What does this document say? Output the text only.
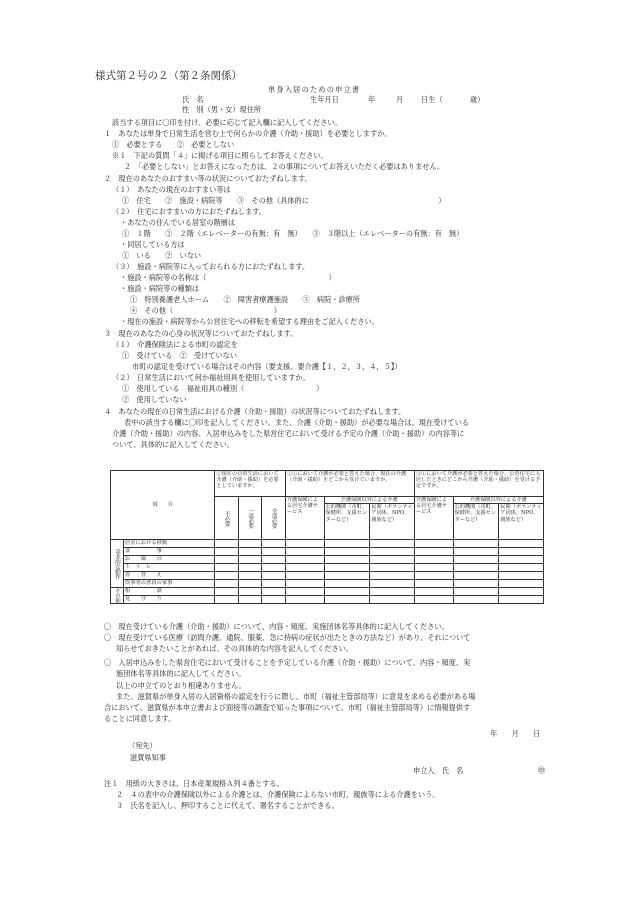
様式第２号の２（第２条関係）
単身入居のための申立書
氏　名	生年月日	年	月 日生（	歳）
性　別（男・女）現住所
該当する項目に〇印を付け、必要に応じて記入欄に記入してください。
１　あなたは単身で日常生活を営む上で何らかの介護（介助・援助）を必要としますか。
①　必要とする　　②　必要としない
※１　下記の質問「４」に掲げる項目に照らしてお答えください。
２　「必要としない」とお答えになった方は、２の事項についてお答えいただく必要はありません。
２　現在のあなたのおすまい等の状況についておたずねします。
（１）　あなたの現在のおすまい等は
①　住宅　　②　施設・病院等　　③　その他（具体的に　　　　　　　　　　　　　　　　　　）
（２）　住宅におすまいの方におたずねします。
・あなたの住んでいる居室の階層は
①　１階　　②　２階（エレベーターの有無：有　無）　　③　３階以上（エレベーターの有無：有　無）
・同居している方は
①　いる　　②　いない
（３）　施設・病院等に入っておられる方におたずねします。
・施設・病院等の名称は（　　　　　　　　　　　　　　　　　）
・施設・病院等の種類は
①　特別養護老人ホーム　　②　障害者療護施設　　③　病院・診療所
④　その他（　　　　　　　　　　　　　　）
・現在の施設・病院等から公営住宅への移転を希望する理由をご記入ください。
３　現在のあなたの心身の状況等についておたずねします。
（１）　介護保険法による市町の認定を
①　受けている　②　受けていない
市町の認定を受けている場合はその内容（要支援、要介護【１，２，３，４，５】）
（２）　日常生活において何か福祉用具を使用していますか。
①　使用している　福祉用具の種別（　　　　　　　　　　）
②　使用していない
４　あなたの現在の日常生活における介護（介助・援助）の状況等についておたずねします。
表中の該当する欄に〇印を記入してください。また、介護（介助・援助）が必要な場合は、現在受けている
介護（介助・援助）の内容、入居申込みをした県営住宅において受ける予定の介護（介助・援助）の内容等に
ついて、具体的に記入してください。
項　　目		①現在の日常生活において介護（介助・援助）を必要としていますか。			②①において介護が必要と答えた場合、現在の介護（介助・援助）をどこから受けていますか。			③①において介護が必要と答えた場合、公営住宅に入居したときにどこから介護（介助・援助）を受ける予定ですか。		
		不必要	一部必要	全部必要	介護保険による居宅介護サービス	介護保険以外による介護		介護保険による居宅介護サービス	介護保険以外による介護	
						公的機関（市町、保健所、支援センターなど）	民間（ボランティア団体、NPO、親族など）		公的機関（市町、保健所、支援センターなど）	民間（ボランティア団体、NPO、親族など）
基本的な動作	居室における移動									
	食　　　　　事									
	お　　風　　呂									
	ト　イ　レ									
	着　　替　　え									
	炊事等の普段の家事									
その他	相　　　　　談									
	見　　守　　り									
〇　現在受けている介護（介助・援助）について、内容・頻度、実施団体名等具体的に記入してください。
〇　現在受けている医療（訪問介護、通院、服薬、急に持病の症状が出たときの方法など）があり、それについて
知らせておきたいことがあれば、その具体的な内容を記入してください。
〇　入居申込みをした県営住宅において受けることを予定している介護（介助・援助）について、内容・頻度、実
施団体名等具体的に記入してください。
以上の申立てのとおり相違ありません。
また、滋賀県が単身入居の入居資格の認定を行うに際し、市町（福祉主管部局等）に意見を求める必要がある場
合において、滋賀県が本申立書および面接等の調査で知った事項について、市町（福祉主管部局等）に情報提供す
ることに同意します。
年　　月　　日
（宛先）
滋賀県知事
申立人　氏　名	㊞
注１　用紙の大きさは、日本産業規格Ａ列４番とする。
２　４の表中の介護保険以外による介護とは、介護保険によらない市町、親族等による介護をいう。
３　氏名を記入し、押印することに代えて、署名することができる。
